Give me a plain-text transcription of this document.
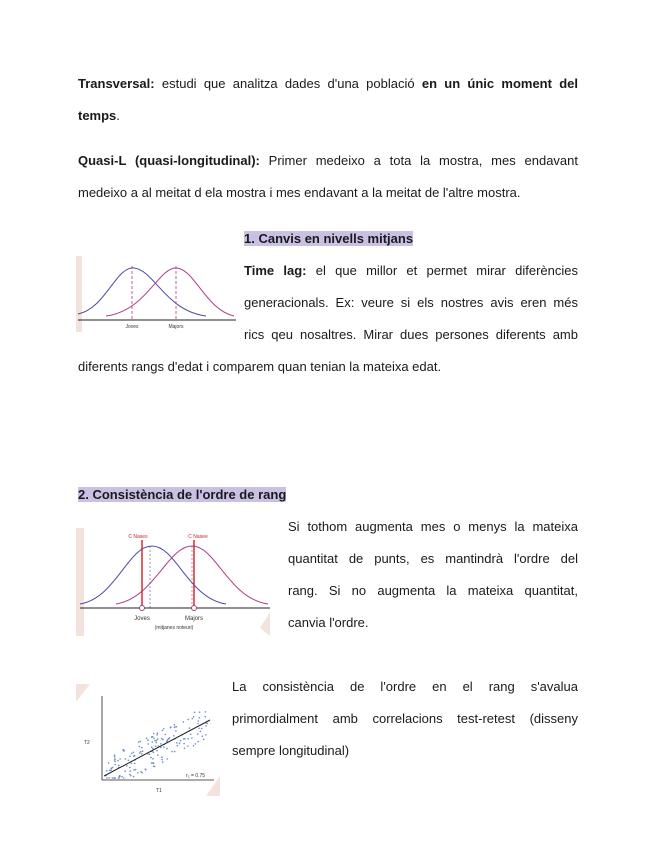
Transversal: estudi que analitza dades d'una població en un únic moment del
temps.
Quasi-L (quasi-longitudinal): Primer medeixo a tota la mostra, mes endavant
medeixo a al meitat d ela mostra i mes endavant a la meitat de l'altre mostra.
1. Canvis en nivells mitjans
Joves	Majors
Time lag: el que millor et permet mirar diferències
generacionals. Ex: veure si els nostres avis eren més
rics qeu nosaltres. Mirar dues persones diferents amb
diferents rangs d'edat i comparem quan tenian la mateixa edat.
2. Consistència de l'ordre de rang
C Nases	C Nasee
Joves	Majors
(mitjanes noteuri)
Si tothom augmenta mes o menys la mateixa
quantitat de punts, es mantindrà l'ordre del
rang. Si no augmenta la mateixa quantitat,
canvia l'ordre.
T2
T1
r₂ = 0.75
La consistència de l'ordre en el rang s'avalua
primordialment amb correlacions test-retest (disseny
sempre longitudinal)
